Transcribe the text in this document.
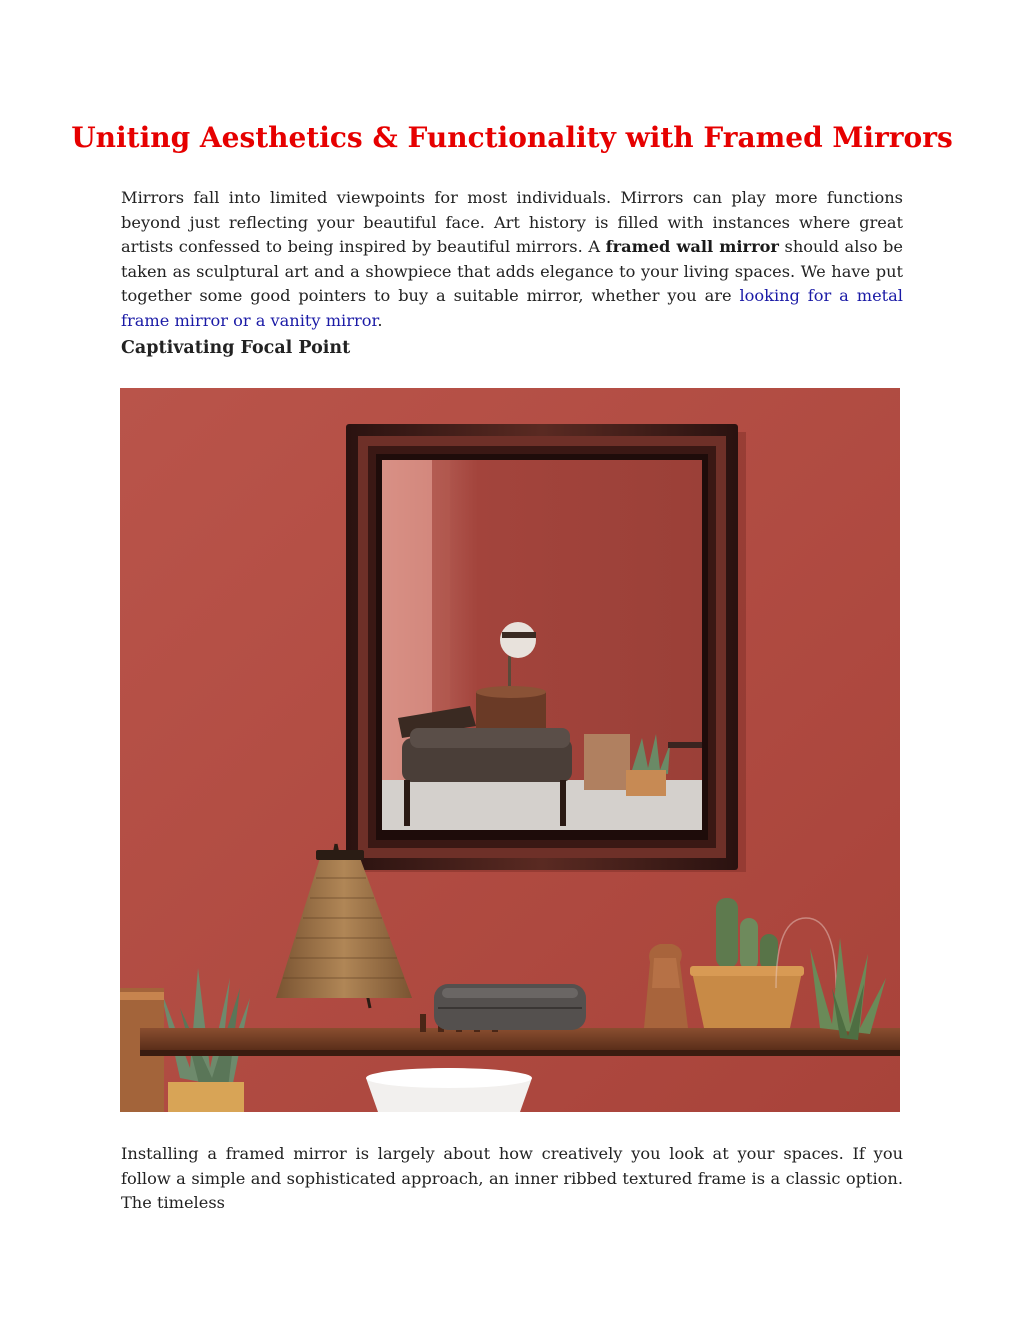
Uniting Aesthetics & Functionality with Framed Mirrors

Mirrors fall into limited viewpoints for most individuals. Mirrors can play more functions beyond just reflecting your beautiful face. Art history is filled with instances where great artists confessed to being inspired by beautiful mirrors. A framed wall mirror should also be taken as sculptural art and a showpiece that adds elegance to your living spaces. We have put together some good pointers to buy a suitable mirror, whether you are looking for a metal frame mirror or a vanity mirror.

Captivating Focal Point

Installing a framed mirror is largely about how creatively you look at your spaces. If you follow a simple and sophisticated approach, an inner ribbed textured frame is a classic option. The timeless
